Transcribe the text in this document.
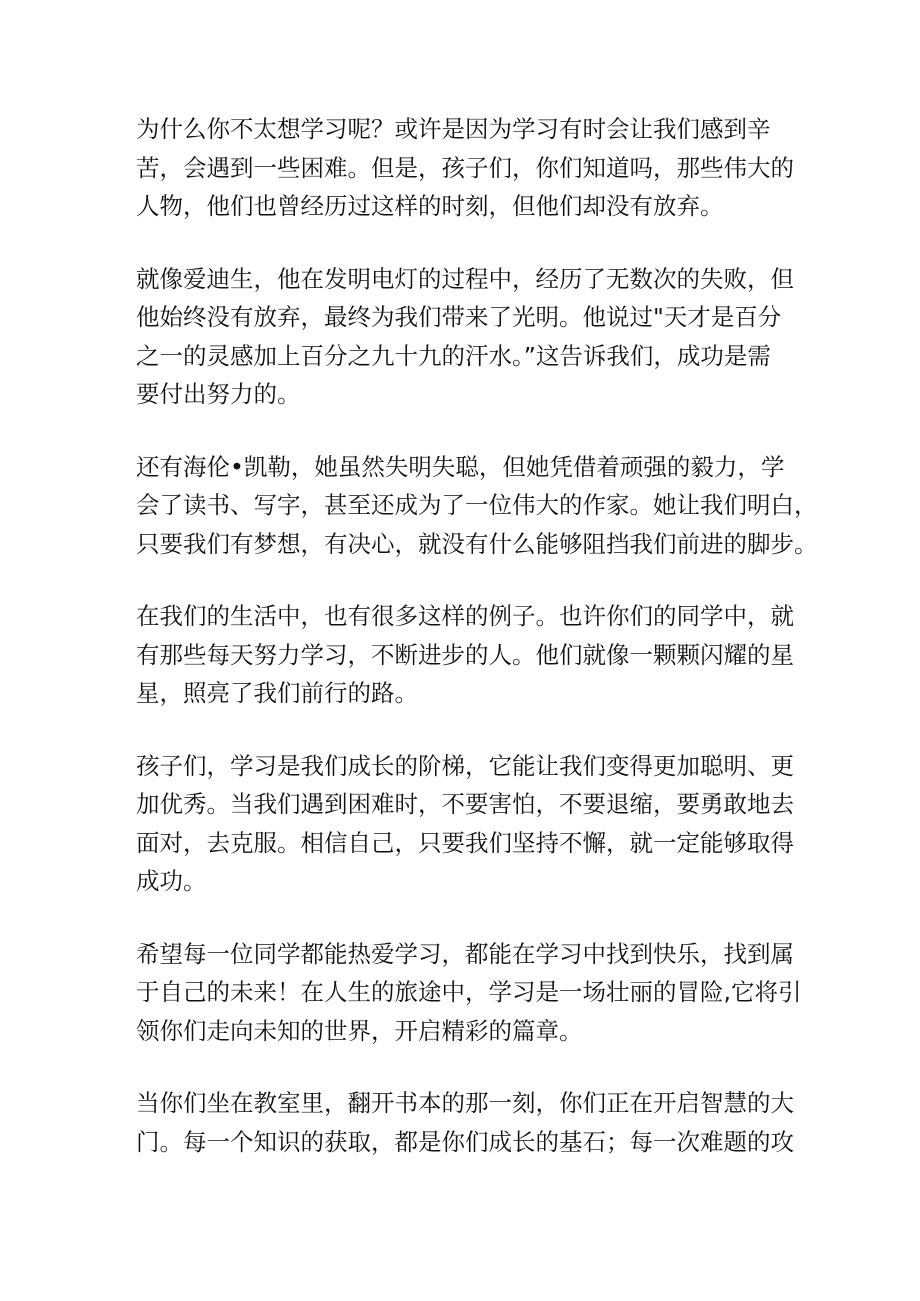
为什么你不太想学习呢？或许是因为学习有时会让我们感到辛
苦，会遇到一些困难。但是，孩子们，你们知道吗，那些伟大的
人物，他们也曾经历过这样的时刻，但他们却没有放弃。

就像爱迪生，他在发明电灯的过程中，经历了无数次的失败，但
他始终没有放弃，最终为我们带来了光明。他说过"天才是百分
之一的灵感加上百分之九十九的汗水。”这告诉我们，成功是需
要付出努力的。

还有海伦•凯勒，她虽然失明失聪，但她凭借着顽强的毅力，学
会了读书、写字，甚至还成为了一位伟大的作家。她让我们明白，
只要我们有梦想，有决心，就没有什么能够阻挡我们前进的脚步。

在我们的生活中，也有很多这样的例子。也许你们的同学中，就
有那些每天努力学习，不断进步的人。他们就像一颗颗闪耀的星
星，照亮了我们前行的路。

孩子们，学习是我们成长的阶梯，它能让我们变得更加聪明、更
加优秀。当我们遇到困难时，不要害怕，不要退缩，要勇敢地去
面对，去克服。相信自己，只要我们坚持不懈，就一定能够取得
成功。

希望每一位同学都能热爱学习，都能在学习中找到快乐，找到属
于自己的未来！在人生的旅途中，学习是一场壮丽的冒险,它将引
领你们走向未知的世界，开启精彩的篇章。

当你们坐在教室里，翻开书本的那一刻，你们正在开启智慧的大
门。每一个知识的获取，都是你们成长的基石；每一次难题的攻
